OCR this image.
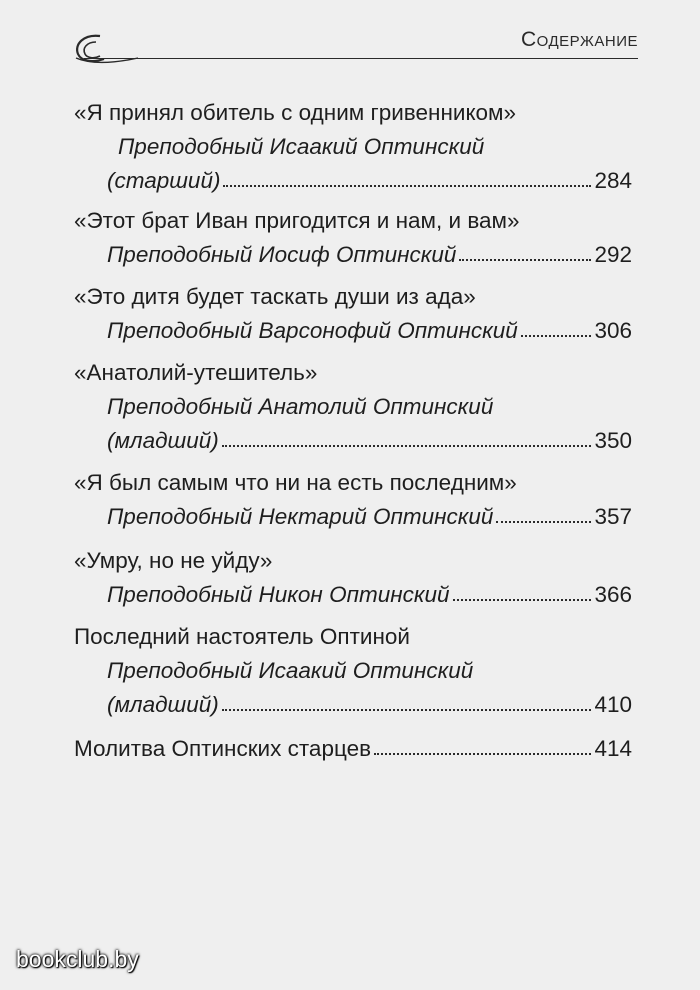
Содержание
«Я принял обитель с одним гривенником»
Преподобный Исаакий Оптинский
(старший)	284
«Этот брат Иван пригодится и нам, и вам»
Преподобный Иосиф Оптинский	292
«Это дитя будет таскать души из ада»
Преподобный Варсонофий Оптинский	306
«Анатолий-утешитель»
Преподобный Анатолий Оптинский
(младший)	350
«Я был самым что ни на есть последним»
Преподобный Нектарий Оптинский	357
«Умру, но не уйду»
Преподобный Никон Оптинский	366
Последний настоятель Оптиной
Преподобный Исаакий Оптинский
(младший)	410
Молитва Оптинских старцев	414
bookclub.by
